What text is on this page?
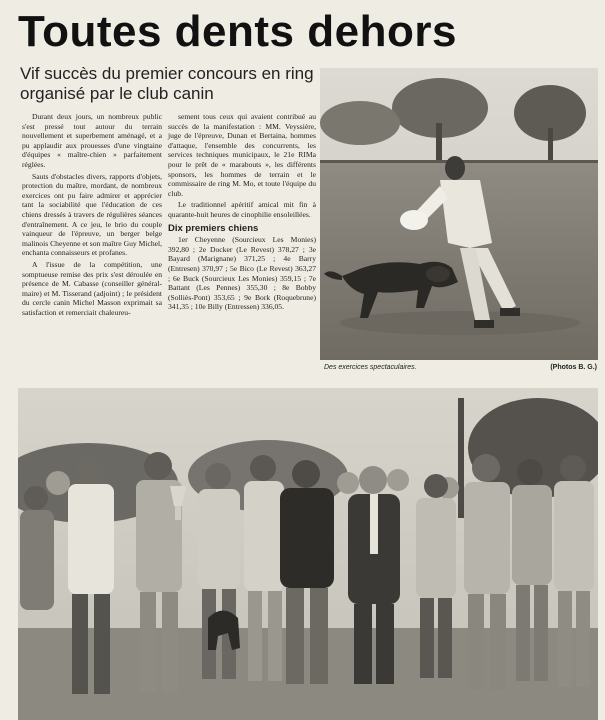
Toutes dents dehors
Vif succès du premier concours en ring organisé par le club canin

Durant deux jours, un nombreux public s'est pressé tout autour du terrain nouvellement et superbement aménagé, et a pu applaudir aux prouesses d'une vingtaine d'équipes « maître-chien » parfaitement réglées.

Sauts d'obstacles divers, rapports d'objets, protection du maître, mordant, de nombreux exercices ont pu faire admirer et apprécier tant la sociabilité que l'éducation de ces chiens dressés à travers de régulières séances d'entraînement. A ce jeu, le brio du couple vainqueur de l'épreuve, un berger belge malinois Cheyenne et son maître Guy Michel, enchanta connaisseurs et profanes.

A l'issue de la compétition, une somptueuse remise des prix s'est déroulée en présence de M. Cabasse (conseiller général-maire) et M. Tisserand (adjoint) ; le président du cercle canin Michel Masson exprimait sa satisfaction et remerciait chaleureu-

sement tous ceux qui avaient contribué au succès de la manifestation : MM. Veyssière, juge de l'épreuve, Dunan et Bertaina, hommes d'attaque, l'ensemble des concurrents, les services techniques municipaux, le 21e RIMa pour le prêt de « marabouts », les différents sponsors, les hommes de terrain et le commissaire de ring M. Mo, et toute l'équipe du club.

Le traditionnel apéritif amical mit fin à quarante-huit heures de cinophilie ensoleillées.

Dix premiers chiens

1er Cheyenne (Sourcieux Les Monies) 392,80 ; 2e Docker (Le Revest) 378,27 ; 3e Bayard (Marignane) 371,25 ; 4e Barry (Entresen) 370,97 ; 5e Bico (Le Revest) 363,27 ; 6e Buck (Sourcieux Les Monies) 359,15 ; 7e Battant (Les Pennes) 355,30 ; 8e Bobby (Solliès-Pont) 353,65 ; 9e Bork (Roquebrune) 341,35 ; 10e Billy (Entressen) 336,05.

Des exercices spectaculaires.	(Photos B. G.)
